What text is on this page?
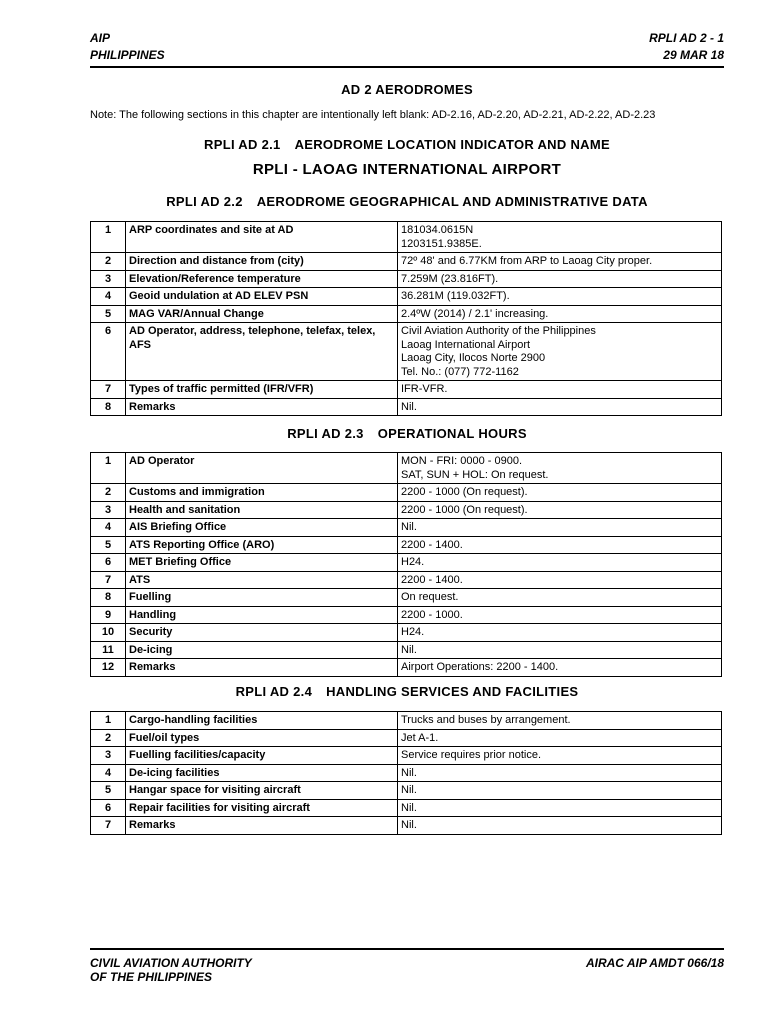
AIP
PHILIPPINES
RPLI AD 2 - 1
29 MAR 18
AD 2 AERODROMES
Note: The following sections in this chapter are intentionally left blank: AD-2.16, AD-2.20, AD-2.21, AD-2.22, AD-2.23
RPLI AD 2.1 AERODROME LOCATION INDICATOR AND NAME
RPLI - LAOAG INTERNATIONAL AIRPORT
RPLI AD 2.2 AERODROME GEOGRAPHICAL AND ADMINISTRATIVE DATA
1	ARP coordinates and site at AD	181034.0615N
1203151.9385E.
2	Direction and distance from (city)	72º 48' and 6.77KM from ARP to Laoag City proper.
3	Elevation/Reference temperature	7.259M (23.816FT).
4	Geoid undulation at AD ELEV PSN	36.281M (119.032FT).
5	MAG VAR/Annual Change	2.4ºW (2014) / 2.1' increasing.
6	AD Operator, address, telephone, telefax, telex, AFS	Civil Aviation Authority of the Philippines
Laoag International Airport
Laoag City, Ilocos Norte 2900
Tel. No.: (077) 772-1162
7	Types of traffic permitted (IFR/VFR)	IFR-VFR.
8	Remarks	Nil.
RPLI AD 2.3 OPERATIONAL HOURS
1	AD Operator	MON - FRI: 0000 - 0900.
SAT, SUN + HOL: On request.
2	Customs and immigration	2200 - 1000 (On request).
3	Health and sanitation	2200 - 1000 (On request).
4	AIS Briefing Office	Nil.
5	ATS Reporting Office (ARO)	2200 - 1400.
6	MET Briefing Office	H24.
7	ATS	2200 - 1400.
8	Fuelling	On request.
9	Handling	2200 - 1000.
10	Security	H24.
11	De-icing	Nil.
12	Remarks	Airport Operations: 2200 - 1400.
RPLI AD 2.4 HANDLING SERVICES AND FACILITIES
1	Cargo-handling facilities	Trucks and buses by arrangement.
2	Fuel/oil types	Jet A-1.
3	Fuelling facilities/capacity	Service requires prior notice.
4	De-icing facilities	Nil.
5	Hangar space for visiting aircraft	Nil.
6	Repair facilities for visiting aircraft	Nil.
7	Remarks	Nil.
CIVIL AVIATION AUTHORITY
OF THE PHILIPPINES
AIRAC AIP AMDT 066/18
